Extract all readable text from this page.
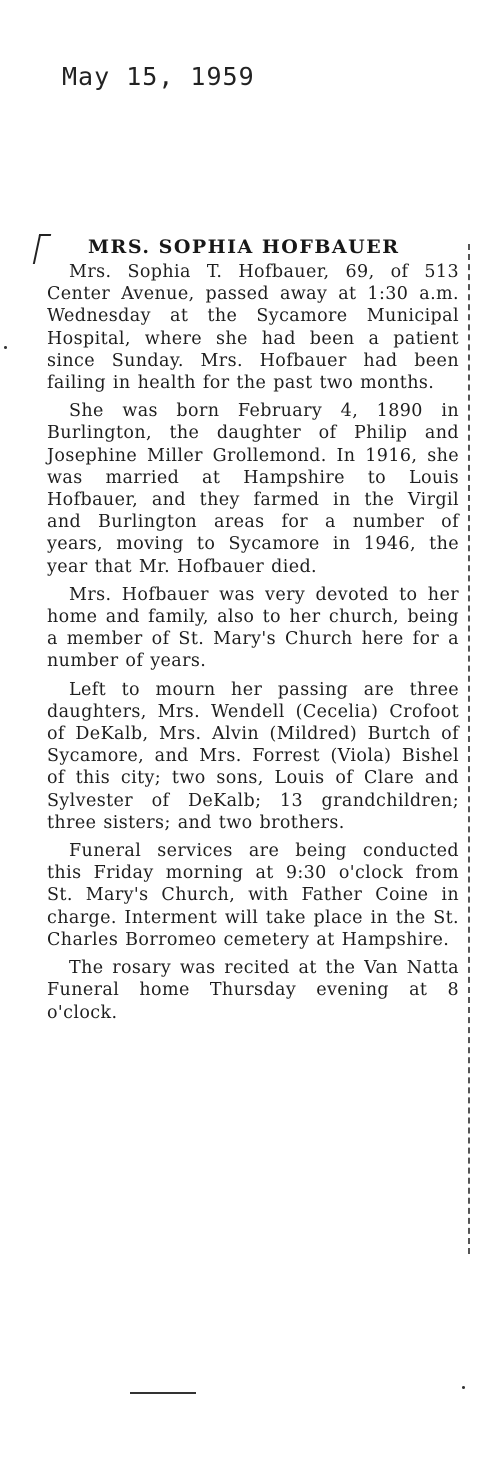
May 15, 1959
MRS. SOPHIA HOFBAUER

Mrs. Sophia T. Hofbauer, 69, of 513 Center Avenue, passed away at 1:30 a.m. Wednesday at the Sycamore Municipal Hospital, where she had been a patient since Sunday. Mrs. Hofbauer had been failing in health for the past two months.

She was born February 4, 1890 in Burlington, the daughter of Philip and Josephine Miller Grollemond. In 1916, she was married at Hampshire to Louis Hofbauer, and they farmed in the Virgil and Burlington areas for a number of years, moving to Sycamore in 1946, the year that Mr. Hofbauer died.

Mrs. Hofbauer was very devoted to her home and family, also to her church, being a member of St. Mary's Church here for a number of years.

Left to mourn her passing are three daughters, Mrs. Wendell (Cecelia) Crofoot of DeKalb, Mrs. Alvin (Mildred) Burtch of Sycamore, and Mrs. Forrest (Viola) Bishel of this city; two sons, Louis of Clare and Sylvester of DeKalb; 13 grandchildren; three sisters; and two brothers.

Funeral services are being conducted this Friday morning at 9:30 o'clock from St. Mary's Church, with Father Coine in charge. Interment will take place in the St. Charles Borromeo cemetery at Hampshire.

The rosary was recited at the Van Natta Funeral home Thursday evening at 8 o'clock.
